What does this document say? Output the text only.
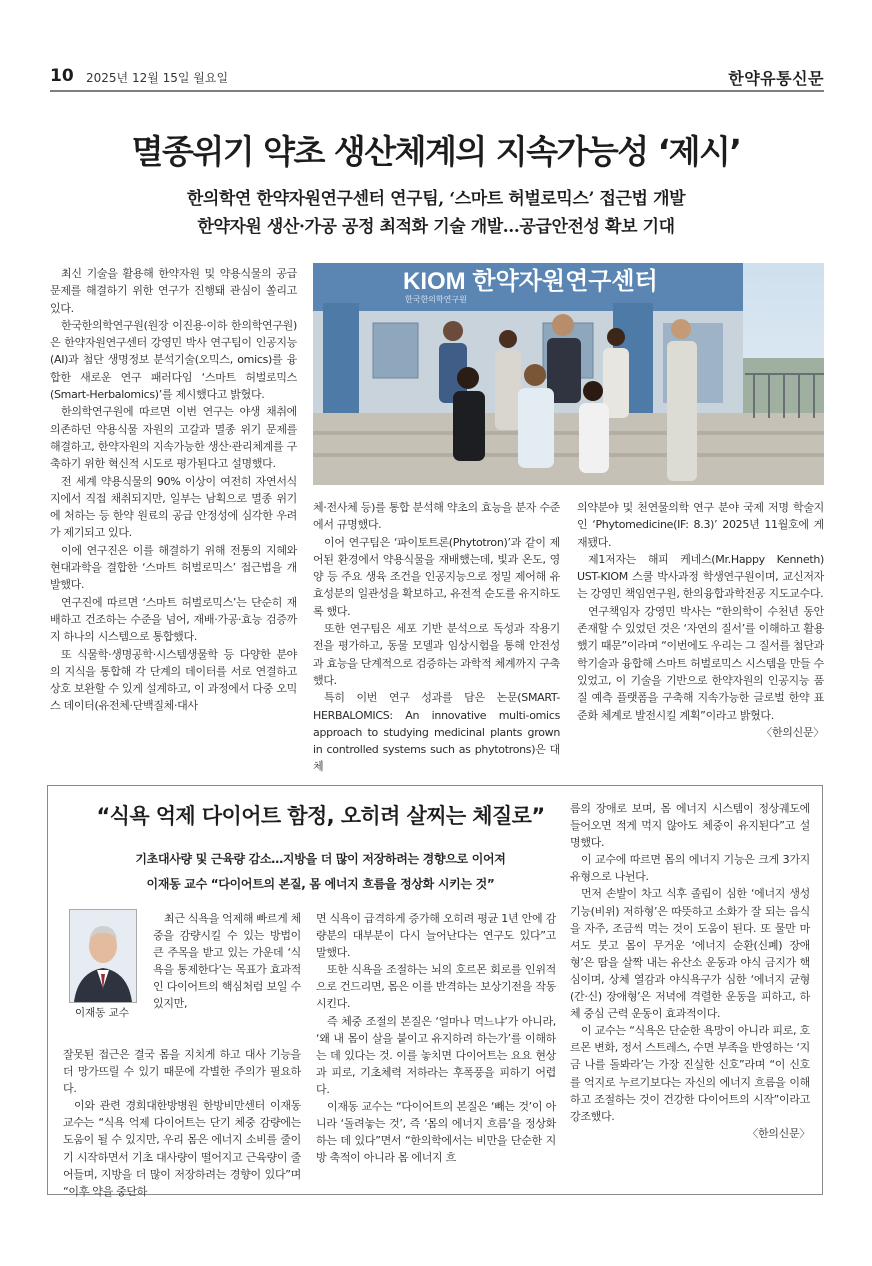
10 2025년 12월 15일 월요일	한약유통신문
멸종위기 약초 생산체계의 지속가능성 ‘제시’
한의학연 한약자원연구센터 연구팀, ‘스마트 허벌로믹스’ 접근법 개발
한약자원 생산·가공 공정 최적화 기술 개발…공급안전성 확보 기대

최신 기술을 활용해 한약자원 및 약용식물의 공급문제를 해결하기 위한 연구가 진행돼 관심이 쏠리고 있다.

한국한의학연구원(원장 이진용·이하 한의학연구원)은 한약자원연구센터 강영민 박사 연구팀이 인공지능(AI)과 첨단 생명정보 분석기술(오믹스, omics)를 융합한 새로운 연구 패러다임 ‘스마트 허벌로믹스(Smart-Herbalomics)’를 제시했다고 밝혔다.

한의학연구원에 따르면 이번 연구는 야생 채취에 의존하던 약용식물 자원의 고갈과 멸종 위기 문제를 해결하고, 한약자원의 지속가능한 생산·관리체계를 구축하기 위한 혁신적 시도로 평가된다고 설명했다.

전 세계 약용식물의 90% 이상이 여전히 자연서식지에서 직접 채취되지만, 일부는 남획으로 멸종 위기에 처하는 등 한약 원료의 공급 안정성에 심각한 우려가 제기되고 있다.

이에 연구진은 이를 해결하기 위해 전통의 지혜와 현대과학을 결합한 ‘스마트 허벌로믹스’ 접근법을 개발했다.

연구진에 따르면 ‘스마트 허벌로믹스’는 단순히 재배하고 건조하는 수준을 넘어, 재배·가공·효능 검증까지 하나의 시스템으로 통합했다.

또 식물학·생명공학·시스템생물학 등 다양한 분야의 지식을 통합해 각 단계의 데이터를 서로 연결하고 상호 보완할 수 있게 설계하고, 이 과정에서 다중 오믹스 데이터(유전체·단백질체·대사

KIOM 한약자원연구센터
한국한의학연구원

체·전사체 등)를 통합 분석해 약초의 효능을 분자 수준에서 규명했다.

이어 연구팀은 ‘파이토트론(Phytotron)’과 같이 제어된 환경에서 약용식물을 재배했는데, 빛과 온도, 영양 등 주요 생육 조건을 인공지능으로 정밀 제어해 유효성분의 일관성을 확보하고, 유전적 순도를 유지하도록 했다.

또한 연구팀은 세포 기반 분석으로 독성과 작용기전을 평가하고, 동물 모델과 임상시험을 통해 안전성과 효능을 단계적으로 검증하는 과학적 체계까지 구축했다.

특히 이번 연구 성과를 담은 논문(SMART-HERBALOMICS: An innovative multi-omics approach to studying medicinal plants grown in controlled systems such as phytotrons)은 대체

의약분야 및 천연물의학 연구 분야 국제 저명 학술지인 ‘Phytomedicine(IF: 8.3)’ 2025년 11월호에 게재됐다.

제1저자는 해피 케네스(Mr.Happy Kenneth) UST-KIOM 스쿨 박사과정 학생연구원이며, 교신저자는 강영민 책임연구원, 한의융합과학전공 지도교수다.

연구책임자 강영민 박사는 “한의학이 수천년 동안 존재할 수 있었던 것은 ‘자연의 질서’를 이해하고 활용했기 때문”이라며 “이번에도 우리는 그 질서를 첨단과학기술과 융합해 스마트 허벌로믹스 시스템을 만들 수 있었고, 이 기술을 기반으로 한약자원의 인공지능 품질 예측 플랫폼을 구축해 지속가능한 글로벌 한약 표준화 체계로 발전시킬 계획”이라고 밝혔다.

〈한의신문〉

“식욕 억제 다이어트 함정, 오히려 살찌는 체질로”
기초대사량 및 근육량 감소…지방을 더 많이 저장하려는 경향으로 이어져
이재동 교수 “다이어트의 본질, 몸 에너지 흐름을 정상화 시키는 것”
이재동 교수

최근 식욕을 억제해 빠르게 체중을 감량시킬 수 있는 방법이 큰 주목을 받고 있는 가운데 ‘식욕을 통제한다’는 목표가 효과적인 다이어트의 핵심처럼 보일 수 있지만,

잘못된 접근은 결국 몸을 지치게 하고 대사 기능을 더 망가뜨릴 수 있기 때문에 각별한 주의가 필요하다.

이와 관련 경희대한방병원 한방비만센터 이재동 교수는 “식욕 억제 다이어트는 단기 체중 감량에는 도움이 될 수 있지만, 우리 몸은 에너지 소비를 줄이기 시작하면서 기초 대사량이 떨어지고 근육량이 줄어들며, 지방을 더 많이 저장하려는 경향이 있다”며 “이후 약을 중단하

면 식욕이 급격하게 증가해 오히려 평균 1년 안에 감량분의 대부분이 다시 늘어난다는 연구도 있다”고 말했다.

또한 식욕을 조절하는 뇌의 호르몬 회로를 인위적으로 건드리면, 몸은 이를 반격하는 보상기전을 작동시킨다.

즉 체중 조절의 본질은 ‘얼마나 먹느냐’가 아니라, ‘왜 내 몸이 살을 붙이고 유지하려 하는가’를 이해하는 데 있다는 것. 이를 놓치면 다이어트는 요요 현상과 피로, 기초체력 저하라는 후폭풍을 피하기 어렵다.

이재동 교수는 “다이어트의 본질은 ‘빼는 것’이 아니라 ‘돌려놓는 것’, 즉 ‘몸의 에너지 흐름’을 정상화하는 데 있다”면서 “한의학에서는 비만을 단순한 지방 축적이 아니라 몸 에너지 흐

름의 장애로 보며, 몸 에너지 시스템이 정상궤도에 들어오면 적게 먹지 않아도 체중이 유지된다”고 설명했다.

이 교수에 따르면 몸의 에너지 기능은 크게 3가지 유형으로 나뉜다.

먼저 손발이 차고 식후 졸림이 심한 ‘에너지 생성 기능(비위) 저하형’은 따뜻하고 소화가 잘 되는 음식을 자주, 조금씩 먹는 것이 도움이 된다. 또 물만 마셔도 붓고 몸이 무거운 ‘에너지 순환(신폐) 장애형’은 땀을 살짝 내는 유산소 운동과 야식 금지가 핵심이며, 상체 열감과 야식욕구가 심한 ‘에너지 균형(간·신) 장애형’은 저녁에 격렬한 운동을 피하고, 하체 중심 근력 운동이 효과적이다.

이 교수는 “식욕은 단순한 욕망이 아니라 피로, 호르몬 변화, 정서 스트레스, 수면 부족을 반영하는 ‘지금 나를 돌봐라’는 가장 진실한 신호”라며 “이 신호를 억지로 누르기보다는 자신의 에너지 흐름을 이해하고 조절하는 것이 건강한 다이어트의 시작”이라고 강조했다.

〈한의신문〉
